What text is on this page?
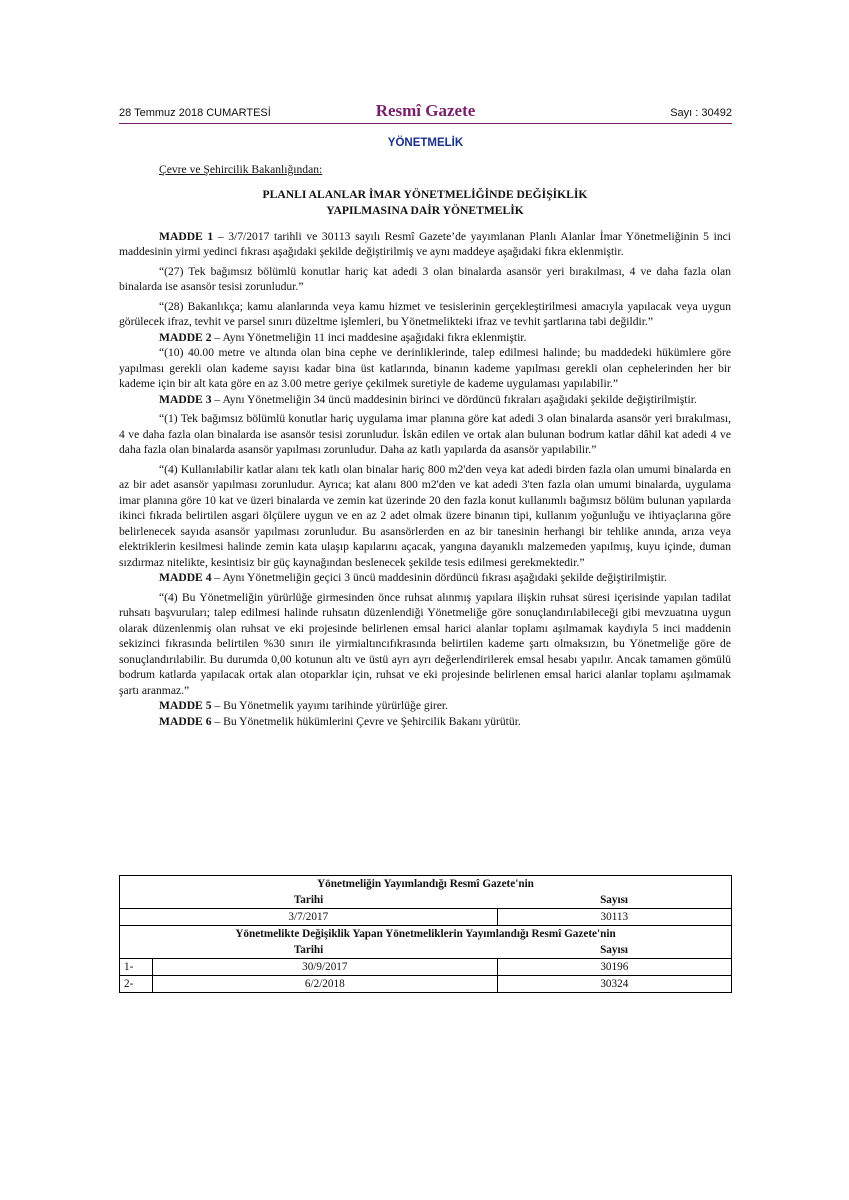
28 Temmuz 2018 CUMARTESİ	Resmî Gazete	Sayı : 30492
YÖNETMELİK
Çevre ve Şehircilik Bakanlığından:
PLANLI ALANLAR İMAR YÖNETMELİĞİNDE DEĞİŞİKLİK
YAPILMASINA DAİR YÖNETMELİK

MADDE 1 – 3/7/2017 tarihli ve 30113 sayılı Resmî Gazete’de yayımlanan Planlı Alanlar İmar Yönetmeliğinin 5 inci maddesinin yirmi yedinci fıkrası aşağıdaki şekilde değiştirilmiş ve aynı maddeye aşağıdaki fıkra eklenmiştir.

“(27) Tek bağımsız bölümlü konutlar hariç kat adedi 3 olan binalarda asansör yeri bırakılması, 4 ve daha fazla olan binalarda ise asansör tesisi zorunludur.”

“(28) Bakanlıkça; kamu alanlarında veya kamu hizmet ve tesislerinin gerçekleştirilmesi amacıyla yapılacak veya uygun görülecek ifraz, tevhit ve parsel sınırı düzeltme işlemleri, bu Yönetmelikteki ifraz ve tevhit şartlarına tabi değildir.”

MADDE 2 – Aynı Yönetmeliğin 11 inci maddesine aşağıdaki fıkra eklenmiştir.

“(10) 40.00 metre ve altında olan bina cephe ve derinliklerinde, talep edilmesi halinde; bu maddedeki hükümlere göre yapılması gerekli olan kademe sayısı kadar bina üst katlarında, binanın kademe yapılması gerekli olan cephelerinden her bir kademe için bir alt kata göre en az 3.00 metre geriye çekilmek suretiyle de kademe uygulaması yapılabilir.”

MADDE 3 – Aynı Yönetmeliğin 34 üncü maddesinin birinci ve dördüncü fıkraları aşağıdaki şekilde değiştirilmiştir.

“(1) Tek bağımsız bölümlü konutlar hariç uygulama imar planına göre kat adedi 3 olan binalarda asansör yeri bırakılması, 4 ve daha fazla olan binalarda ise asansör tesisi zorunludur. İskân edilen ve ortak alan bulunan bodrum katlar dâhil kat adedi 4 ve daha fazla olan binalarda asansör yapılması zorunludur. Daha az katlı yapılarda da asansör yapılabilir.”

“(4) Kullanılabilir katlar alanı tek katlı olan binalar hariç 800 m2'den veya kat adedi birden fazla olan umumi binalarda en az bir adet asansör yapılması zorunludur. Ayrıca; kat alanı 800 m2'den ve kat adedi 3'ten fazla olan umumi binalarda, uygulama imar planına göre 10 kat ve üzeri binalarda ve zemin kat üzerinde 20 den fazla konut kullanımlı bağımsız bölüm bulunan yapılarda ikinci fıkrada belirtilen asgari ölçülere uygun ve en az 2 adet olmak üzere binanın tipi, kullanım yoğunluğu ve ihtiyaçlarına göre belirlenecek sayıda asansör yapılması zorunludur. Bu asansörlerden en az bir tanesinin herhangi bir tehlike anında, arıza veya elektriklerin kesilmesi halinde zemin kata ulaşıp kapılarını açacak, yangına dayanıklı malzemeden yapılmış, kuyu içinde, duman sızdırmaz nitelikte, kesintisiz bir güç kaynağından beslenecek şekilde tesis edilmesi gerekmektedir.”

MADDE 4 – Aynı Yönetmeliğin geçici 3 üncü maddesinin dördüncü fıkrası aşağıdaki şekilde değiştirilmiştir.

“(4) Bu Yönetmeliğin yürürlüğe girmesinden önce ruhsat alınmış yapılara ilişkin ruhsat süresi içerisinde yapılan tadilat ruhsatı başvuruları; talep edilmesi halinde ruhsatın düzenlendiği Yönetmeliğe göre sonuçlandırılabileceği gibi mevzuatına uygun olarak düzenlenmiş olan ruhsat ve eki projesinde belirlenen emsal harici alanlar toplamı aşılmamak kaydıyla 5 inci maddenin sekizinci fıkrasında belirtilen %30 sınırı ile yirmialtıncıfıkrasında belirtilen kademe şartı olmaksızın, bu Yönetmeliğe göre de sonuçlandırılabilir. Bu durumda 0,00 kotunun altı ve üstü ayrı ayrı değerlendirilerek emsal hesabı yapılır. Ancak tamamen gömülü bodrum katlarda yapılacak ortak alan otoparklar için, ruhsat ve eki projesinde belirlenen emsal harici alanlar toplamı aşılmamak şartı aranmaz.”

MADDE 5 – Bu Yönetmelik yayımı tarihinde yürürlüğe girer.

MADDE 6 – Bu Yönetmelik hükümlerini Çevre ve Şehircilik Bakanı yürütür.

Yönetmeliğin Yayımlandığı Resmî Gazete'nin		
Tarihi		Sayısı
3/7/2017		30113
Yönetmelikte Değişiklik Yapan Yönetmeliklerin Yayımlandığı Resmî Gazete'nin		
Tarihi		Sayısı
1-	30/9/2017	30196
2-	6/2/2018	30324
